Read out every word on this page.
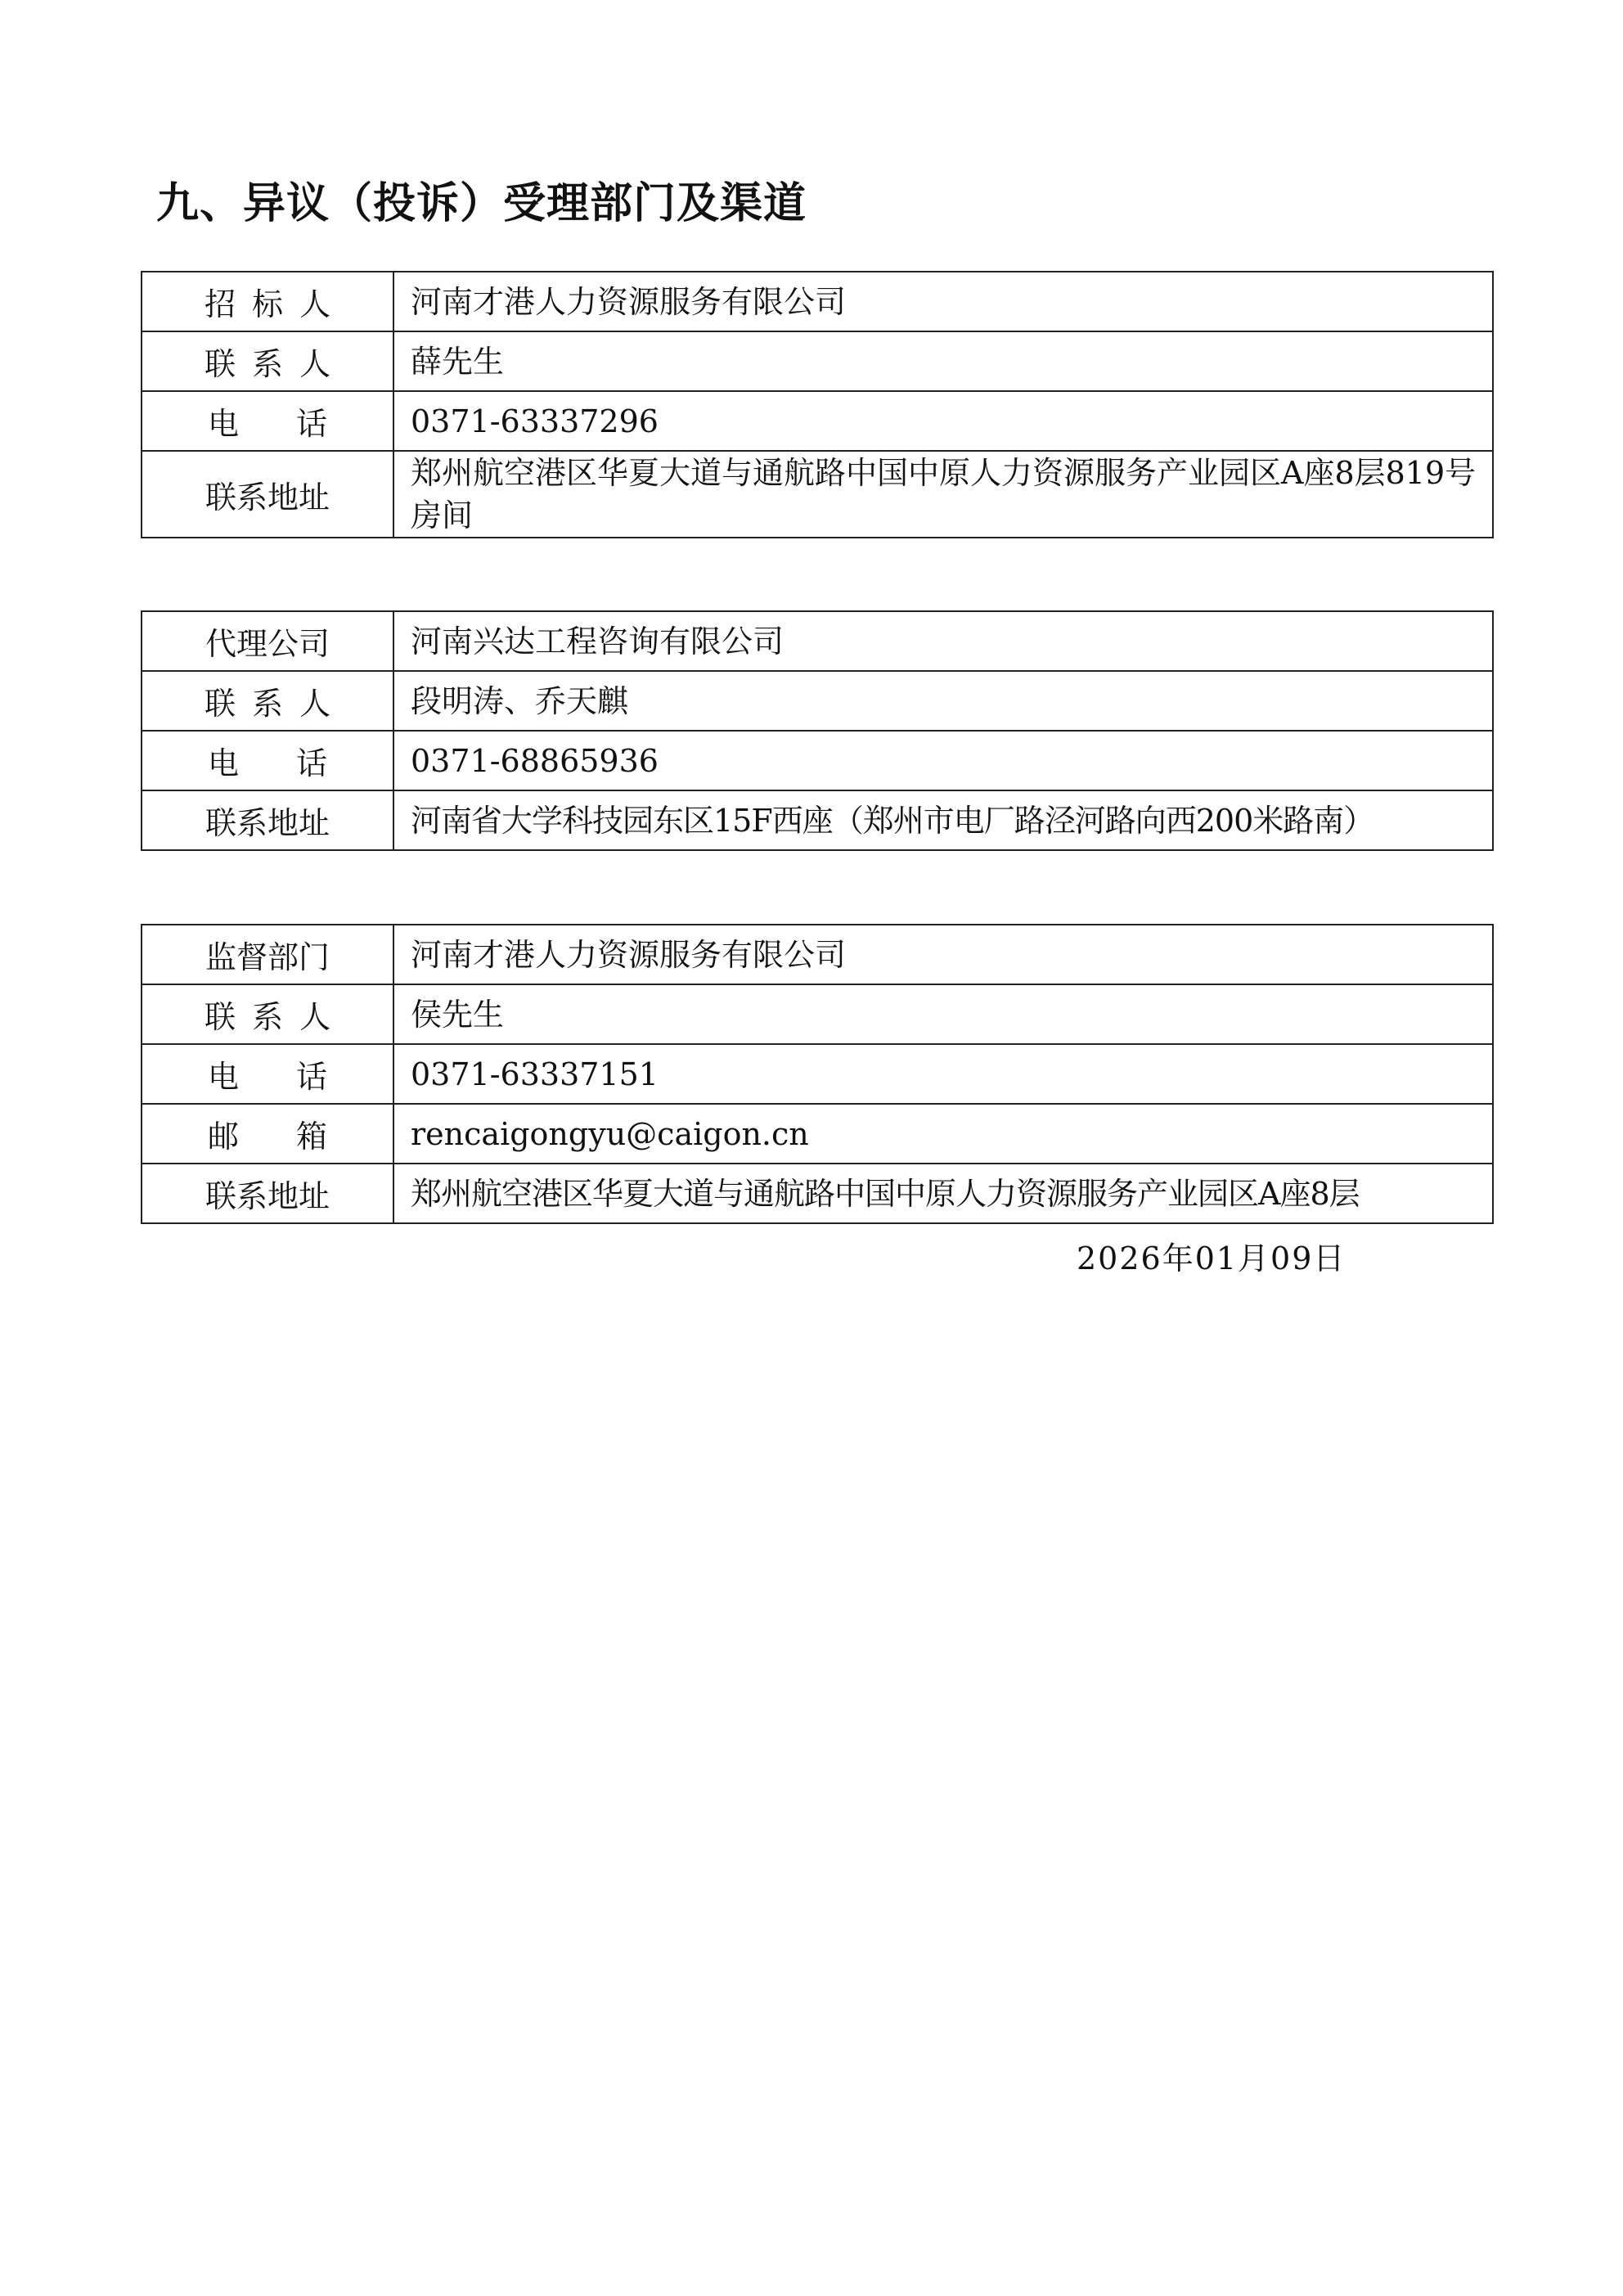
九、异议（投诉）受理部门及渠道
招标人	河南才港人力资源服务有限公司
联系人	薛先生
电话	0371-63337296
联系地址	郑州航空港区华夏大道与通航路中国中原人力资源服务产业园区A座8层819号房间
代理公司	河南兴达工程咨询有限公司
联系人	段明涛、乔天麒
电话	0371-68865936
联系地址	河南省大学科技园东区15F西座（郑州市电厂路泾河路向西200米路南）
监督部门	河南才港人力资源服务有限公司
联系人	侯先生
电话	0371-63337151
邮箱	rencaigongyu@caigon.cn
联系地址	郑州航空港区华夏大道与通航路中国中原人力资源服务产业园区A座8层
2026年01月09日
